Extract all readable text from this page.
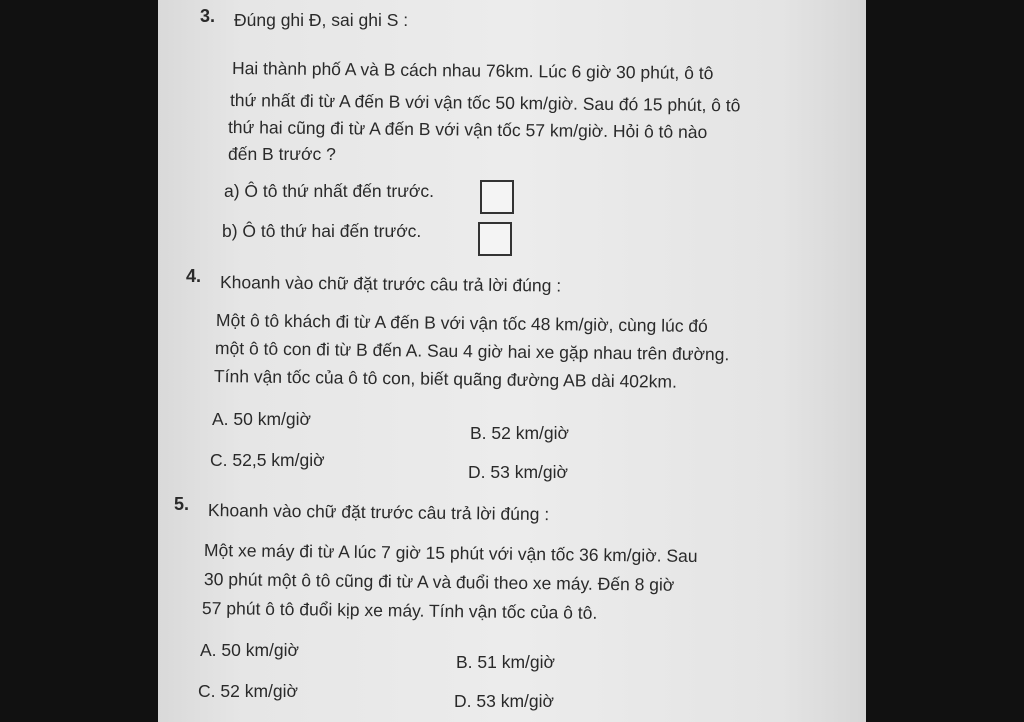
3. Đúng ghi Đ, sai ghi S :
Hai thành phố A và B cách nhau 76km. Lúc 6 giờ 30 phút, ô tô
thứ nhất đi từ A đến B với vận tốc 50 km/giờ. Sau đó 15 phút, ô tô
thứ hai cũng đi từ A đến B với vận tốc 57 km/giờ. Hỏi ô tô nào
đến B trước ?
a) Ô tô thứ nhất đến trước.
b) Ô tô thứ hai đến trước.
4. Khoanh vào chữ đặt trước câu trả lời đúng :
Một ô tô khách đi từ A đến B với vận tốc 48 km/giờ, cùng lúc đó
một ô tô con đi từ B đến A. Sau 4 giờ hai xe gặp nhau trên đường.
Tính vận tốc của ô tô con, biết quãng đường AB dài 402km.
A. 50 km/giờ
B. 52 km/giờ
C. 52,5 km/giờ
D. 53 km/giờ
5. Khoanh vào chữ đặt trước câu trả lời đúng :
Một xe máy đi từ A lúc 7 giờ 15 phút với vận tốc 36 km/giờ. Sau
30 phút một ô tô cũng đi từ A và đuổi theo xe máy. Đến 8 giờ
57 phút ô tô đuổi kịp xe máy. Tính vận tốc của ô tô.
A. 50 km/giờ
B. 51 km/giờ
C. 52 km/giờ	D. 53 km/giờ
